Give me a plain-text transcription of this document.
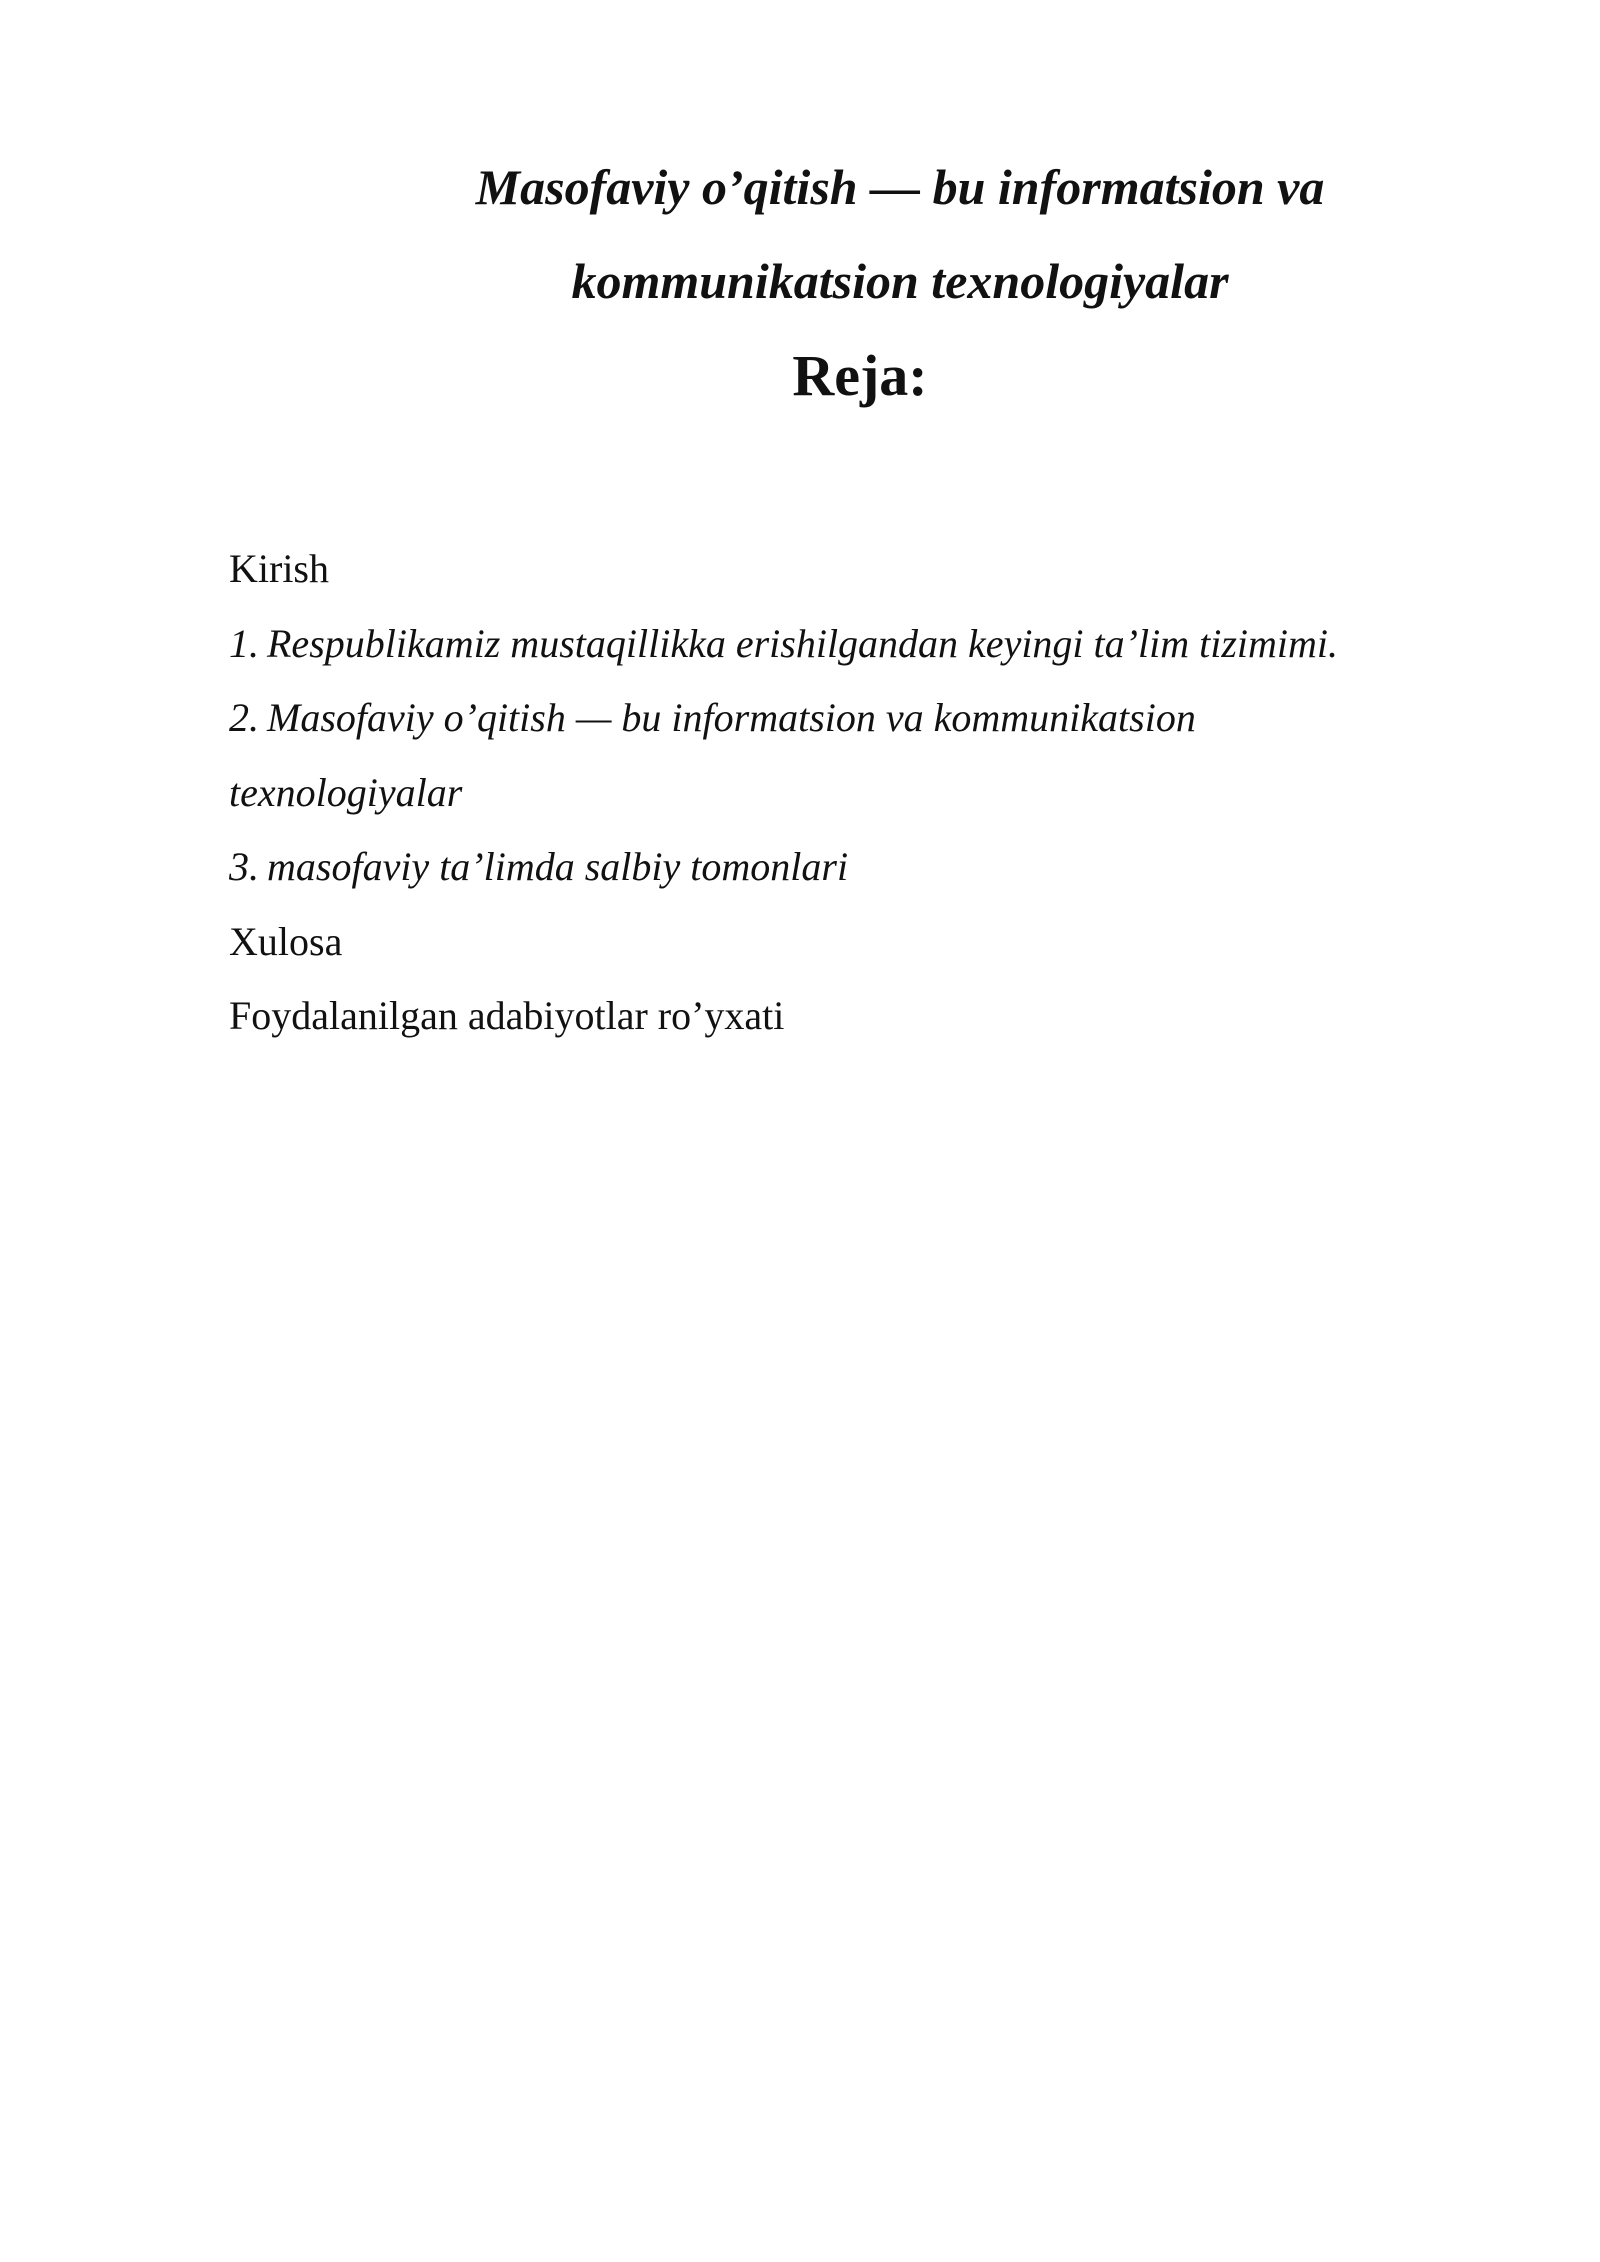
Masofaviy o’qitish — bu informatsion va
kommunikatsion texnologiyalar
Reja:
Kirish
1. Respublikamiz mustaqillikka erishilgandan keyingi ta’lim tizimimi.
2. Masofaviy o’qitish — bu informatsion va kommunikatsion
texnologiyalar
3. masofaviy ta’limda salbiy tomonlari
Xulosa
Foydalanilgan adabiyotlar ro’yxati
